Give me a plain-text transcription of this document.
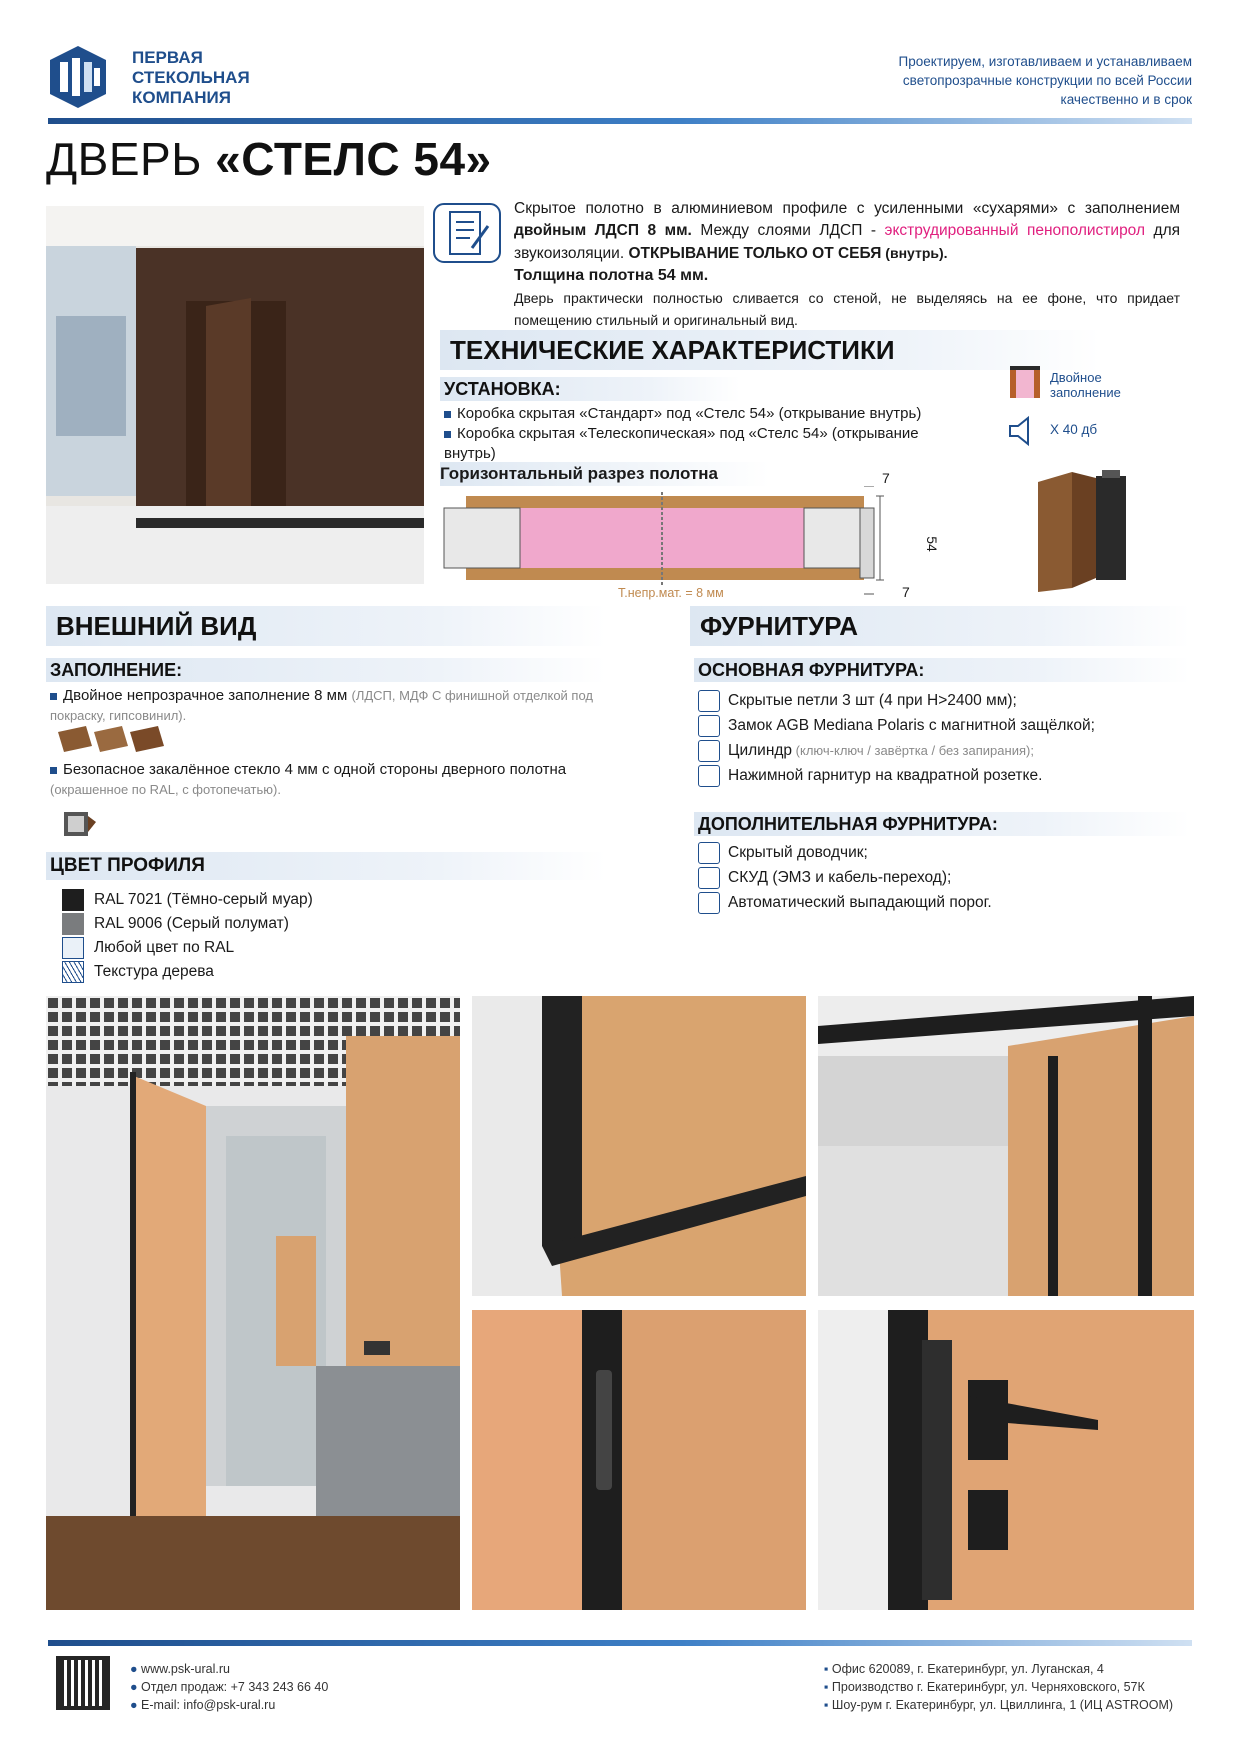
ПЕРВАЯ
СТЕКОЛЬНАЯ
КОМПАНИЯ
Проектируем, изготавливаем и устанавливаем
светопрозрачные конструкции по всей России
качественно и в срок
ДВЕРЬ «СТЕЛС 54»
Скрытое полотно в алюминиевом профиле с усиленными «сухарями» с заполнением двойным ЛДСП 8 мм. Между слоями ЛДСП - экструдированный пенополистирол для звукоизоляции. ОТКРЫВАНИЕ ТОЛЬКО ОТ СЕБЯ (внутрь).
Толщина полотна 54 мм.
Дверь практически полностью сливается со стеной, не выделяясь на ее фоне, что придает помещению стильный и оригинальный вид.
ТЕХНИЧЕСКИЕ ХАРАКТЕРИСТИКИ
УСТАНОВКА:
Коробка скрытая «Стандарт» под «Стелс 54» (открывание внутрь)
Коробка скрытая «Телескопическая» под «Стелс 54» (открывание внутрь)
Двойное
заполнение
X 40 дб
Горизонтальный разрез полотна	7
54
7
Т.непр.мат. = 8 мм
ВНЕШНИЙ ВИД
ЗАПОЛНЕНИЕ:
Двойное непрозрачное заполнение 8 мм (ЛДСП, МДФ С финишной отделкой под покраску, гипсовинил).
Безопасное закалённое стекло 4 мм с одной стороны дверного полотна (окрашенное по RAL, с фотопечатью).
ЦВЕТ ПРОФИЛЯ
RAL 7021 (Тёмно-серый муар)
RAL 9006 (Серый полумат)
Любой цвет по RAL
Текстура дерева
ФУРНИТУРА
ОСНОВНАЯ ФУРНИТУРА:
Скрытые петли 3 шт (4 при Н>2400 мм);
Замок AGB Mediana Polaris с магнитной защёлкой;
Цилиндр (ключ-ключ / завёртка / без запирания);
Нажимной гарнитур на квадратной розетке.
ДОПОЛНИТЕЛЬНАЯ ФУРНИТУРА:
Скрытый доводчик;
СКУД (ЭМЗ и кабель-переход);
Автоматический выпадающий порог.
● www.psk-ural.ru
● Отдел продаж: +7 343 243 66 40
● E-mail: info@psk-ural.ru
▪ Офис 620089, г. Екатеринбург, ул. Луганская, 4
▪ Производство г. Екатеринбург, ул. Черняховского, 57К
▪ Шоу-рум г. Екатеринбург, ул. Цвиллинга, 1 (ИЦ ASTROOM)
